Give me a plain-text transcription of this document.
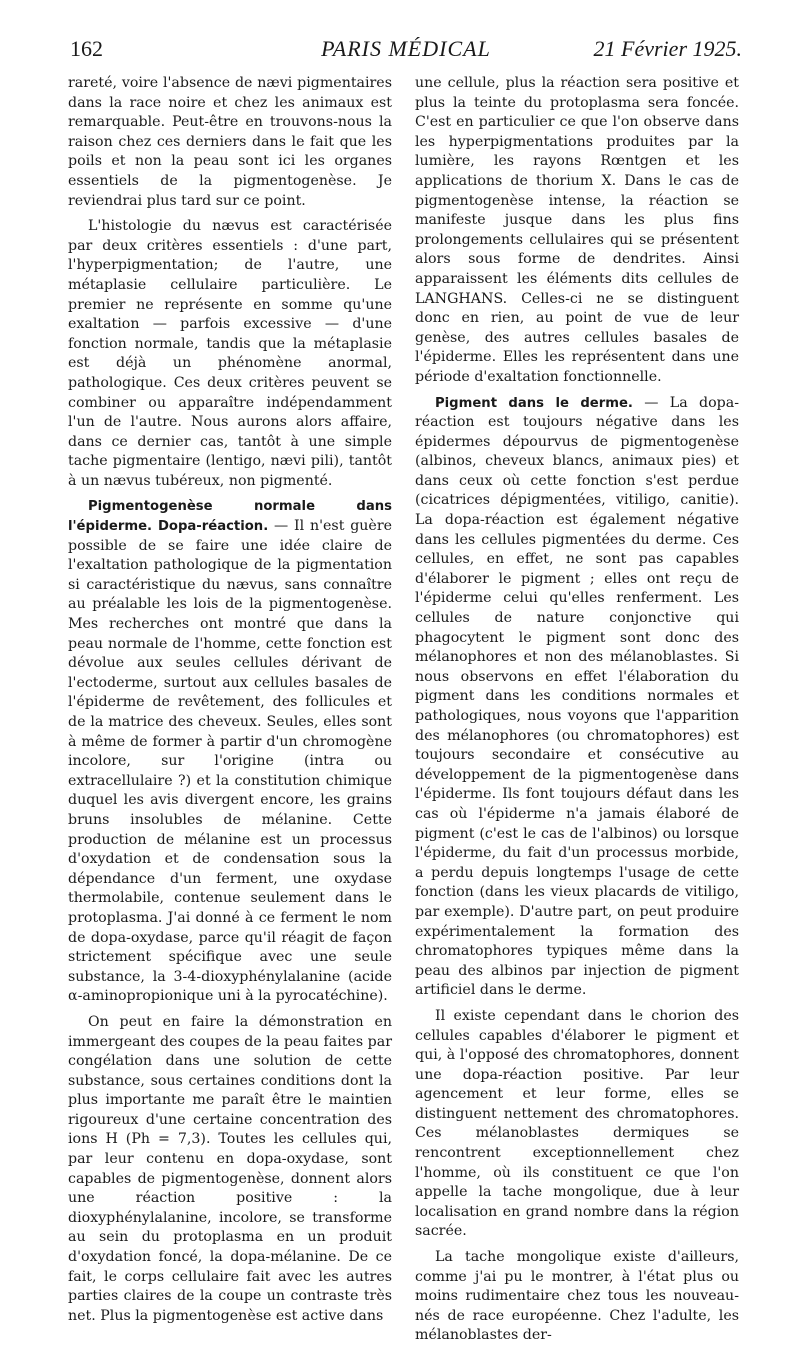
162	PARIS MÉDICAL	21 Février 1925.

rareté, voire l'absence de nævi pigmentaires dans la race noire et chez les animaux est remarquable. Peut-être en trouvons-nous la raison chez ces derniers dans le fait que les poils et non la peau sont ici les organes essentiels de la pigmentogenèse. Je reviendrai plus tard sur ce point.

L'histologie du nævus est caractérisée par deux critères essentiels : d'une part, l'hyperpigmentation; de l'autre, une métaplasie cellulaire particulière. Le premier ne représente en somme qu'une exaltation — parfois excessive — d'une fonction normale, tandis que la métaplasie est déjà un phénomène anormal, pathologique. Ces deux critères peuvent se combiner ou apparaître indépendamment l'un de l'autre. Nous aurons alors affaire, dans ce dernier cas, tantôt à une simple tache pigmentaire (lentigo, nævi pili), tantôt à un nævus tubéreux, non pigmenté.

Pigmentogenèse normale dans l'épiderme. Dopa-réaction. — Il n'est guère possible de se faire une idée claire de l'exaltation pathologique de la pigmentation si caractéristique du nævus, sans connaître au préalable les lois de la pigmentogenèse. Mes recherches ont montré que dans la peau normale de l'homme, cette fonction est dévolue aux seules cellules dérivant de l'ectoderme, surtout aux cellules basales de l'épiderme de revêtement, des follicules et de la matrice des cheveux. Seules, elles sont à même de former à partir d'un chromogène incolore, sur l'origine (intra ou extracellulaire ?) et la constitution chimique duquel les avis divergent encore, les grains bruns insolubles de mélanine. Cette production de mélanine est un processus d'oxydation et de condensation sous la dépendance d'un ferment, une oxydase thermolabile, contenue seulement dans le protoplasma. J'ai donné à ce ferment le nom de dopa-oxydase, parce qu'il réagit de façon strictement spécifique avec une seule substance, la 3-4-dioxyphénylalanine (acide α-aminopropionique uni à la pyrocatéchine).

On peut en faire la démonstration en immergeant des coupes de la peau faites par congélation dans une solution de cette substance, sous certaines conditions dont la plus importante me paraît être le maintien rigoureux d'une certaine concentration des ions H (Ph = 7,3). Toutes les cellules qui, par leur contenu en dopa-oxydase, sont capables de pigmentogenèse, donnent alors une réaction positive : la dioxyphénylalanine, incolore, se transforme au sein du protoplasma en un produit d'oxydation foncé, la dopa-mélanine. De ce fait, le corps cellulaire fait avec les autres parties claires de la coupe un contraste très net. Plus la pigmentogenèse est active dans

une cellule, plus la réaction sera positive et plus la teinte du protoplasma sera foncée. C'est en particulier ce que l'on observe dans les hyperpigmentations produites par la lumière, les rayons Rœntgen et les applications de thorium X. Dans le cas de pigmentogenèse intense, la réaction se manifeste jusque dans les plus fins prolongements cellulaires qui se présentent alors sous forme de dendrites. Ainsi apparaissent les éléments dits cellules de LANGHANS. Celles-ci ne se distinguent donc en rien, au point de vue de leur genèse, des autres cellules basales de l'épiderme. Elles les représentent dans une période d'exaltation fonctionnelle.

Pigment dans le derme. — La dopa-réaction est toujours négative dans les épidermes dépourvus de pigmentogenèse (albinos, cheveux blancs, animaux pies) et dans ceux où cette fonction s'est perdue (cicatrices dépigmentées, vitiligo, canitie). La dopa-réaction est également négative dans les cellules pigmentées du derme. Ces cellules, en effet, ne sont pas capables d'élaborer le pigment ; elles ont reçu de l'épiderme celui qu'elles renferment. Les cellules de nature conjonctive qui phagocytent le pigment sont donc des mélanophores et non des mélanoblastes. Si nous observons en effet l'élaboration du pigment dans les conditions normales et pathologiques, nous voyons que l'apparition des mélanophores (ou chromatophores) est toujours secondaire et consécutive au développement de la pigmentogenèse dans l'épiderme. Ils font toujours défaut dans les cas où l'épiderme n'a jamais élaboré de pigment (c'est le cas de l'albinos) ou lorsque l'épiderme, du fait d'un processus morbide, a perdu depuis longtemps l'usage de cette fonction (dans les vieux placards de vitiligo, par exemple). D'autre part, on peut produire expérimentalement la formation des chromatophores typiques même dans la peau des albinos par injection de pigment artificiel dans le derme.

Il existe cependant dans le chorion des cellules capables d'élaborer le pigment et qui, à l'opposé des chromatophores, donnent une dopa-réaction positive. Par leur agencement et leur forme, elles se distinguent nettement des chromatophores. Ces mélanoblastes dermiques se rencontrent exceptionnellement chez l'homme, où ils constituent ce que l'on appelle la tache mongolique, due à leur localisation en grand nombre dans la région sacrée.

La tache mongolique existe d'ailleurs, comme j'ai pu le montrer, à l'état plus ou moins rudimentaire chez tous les nouveau-nés de race européenne. Chez l'adulte, les mélanoblastes der-
